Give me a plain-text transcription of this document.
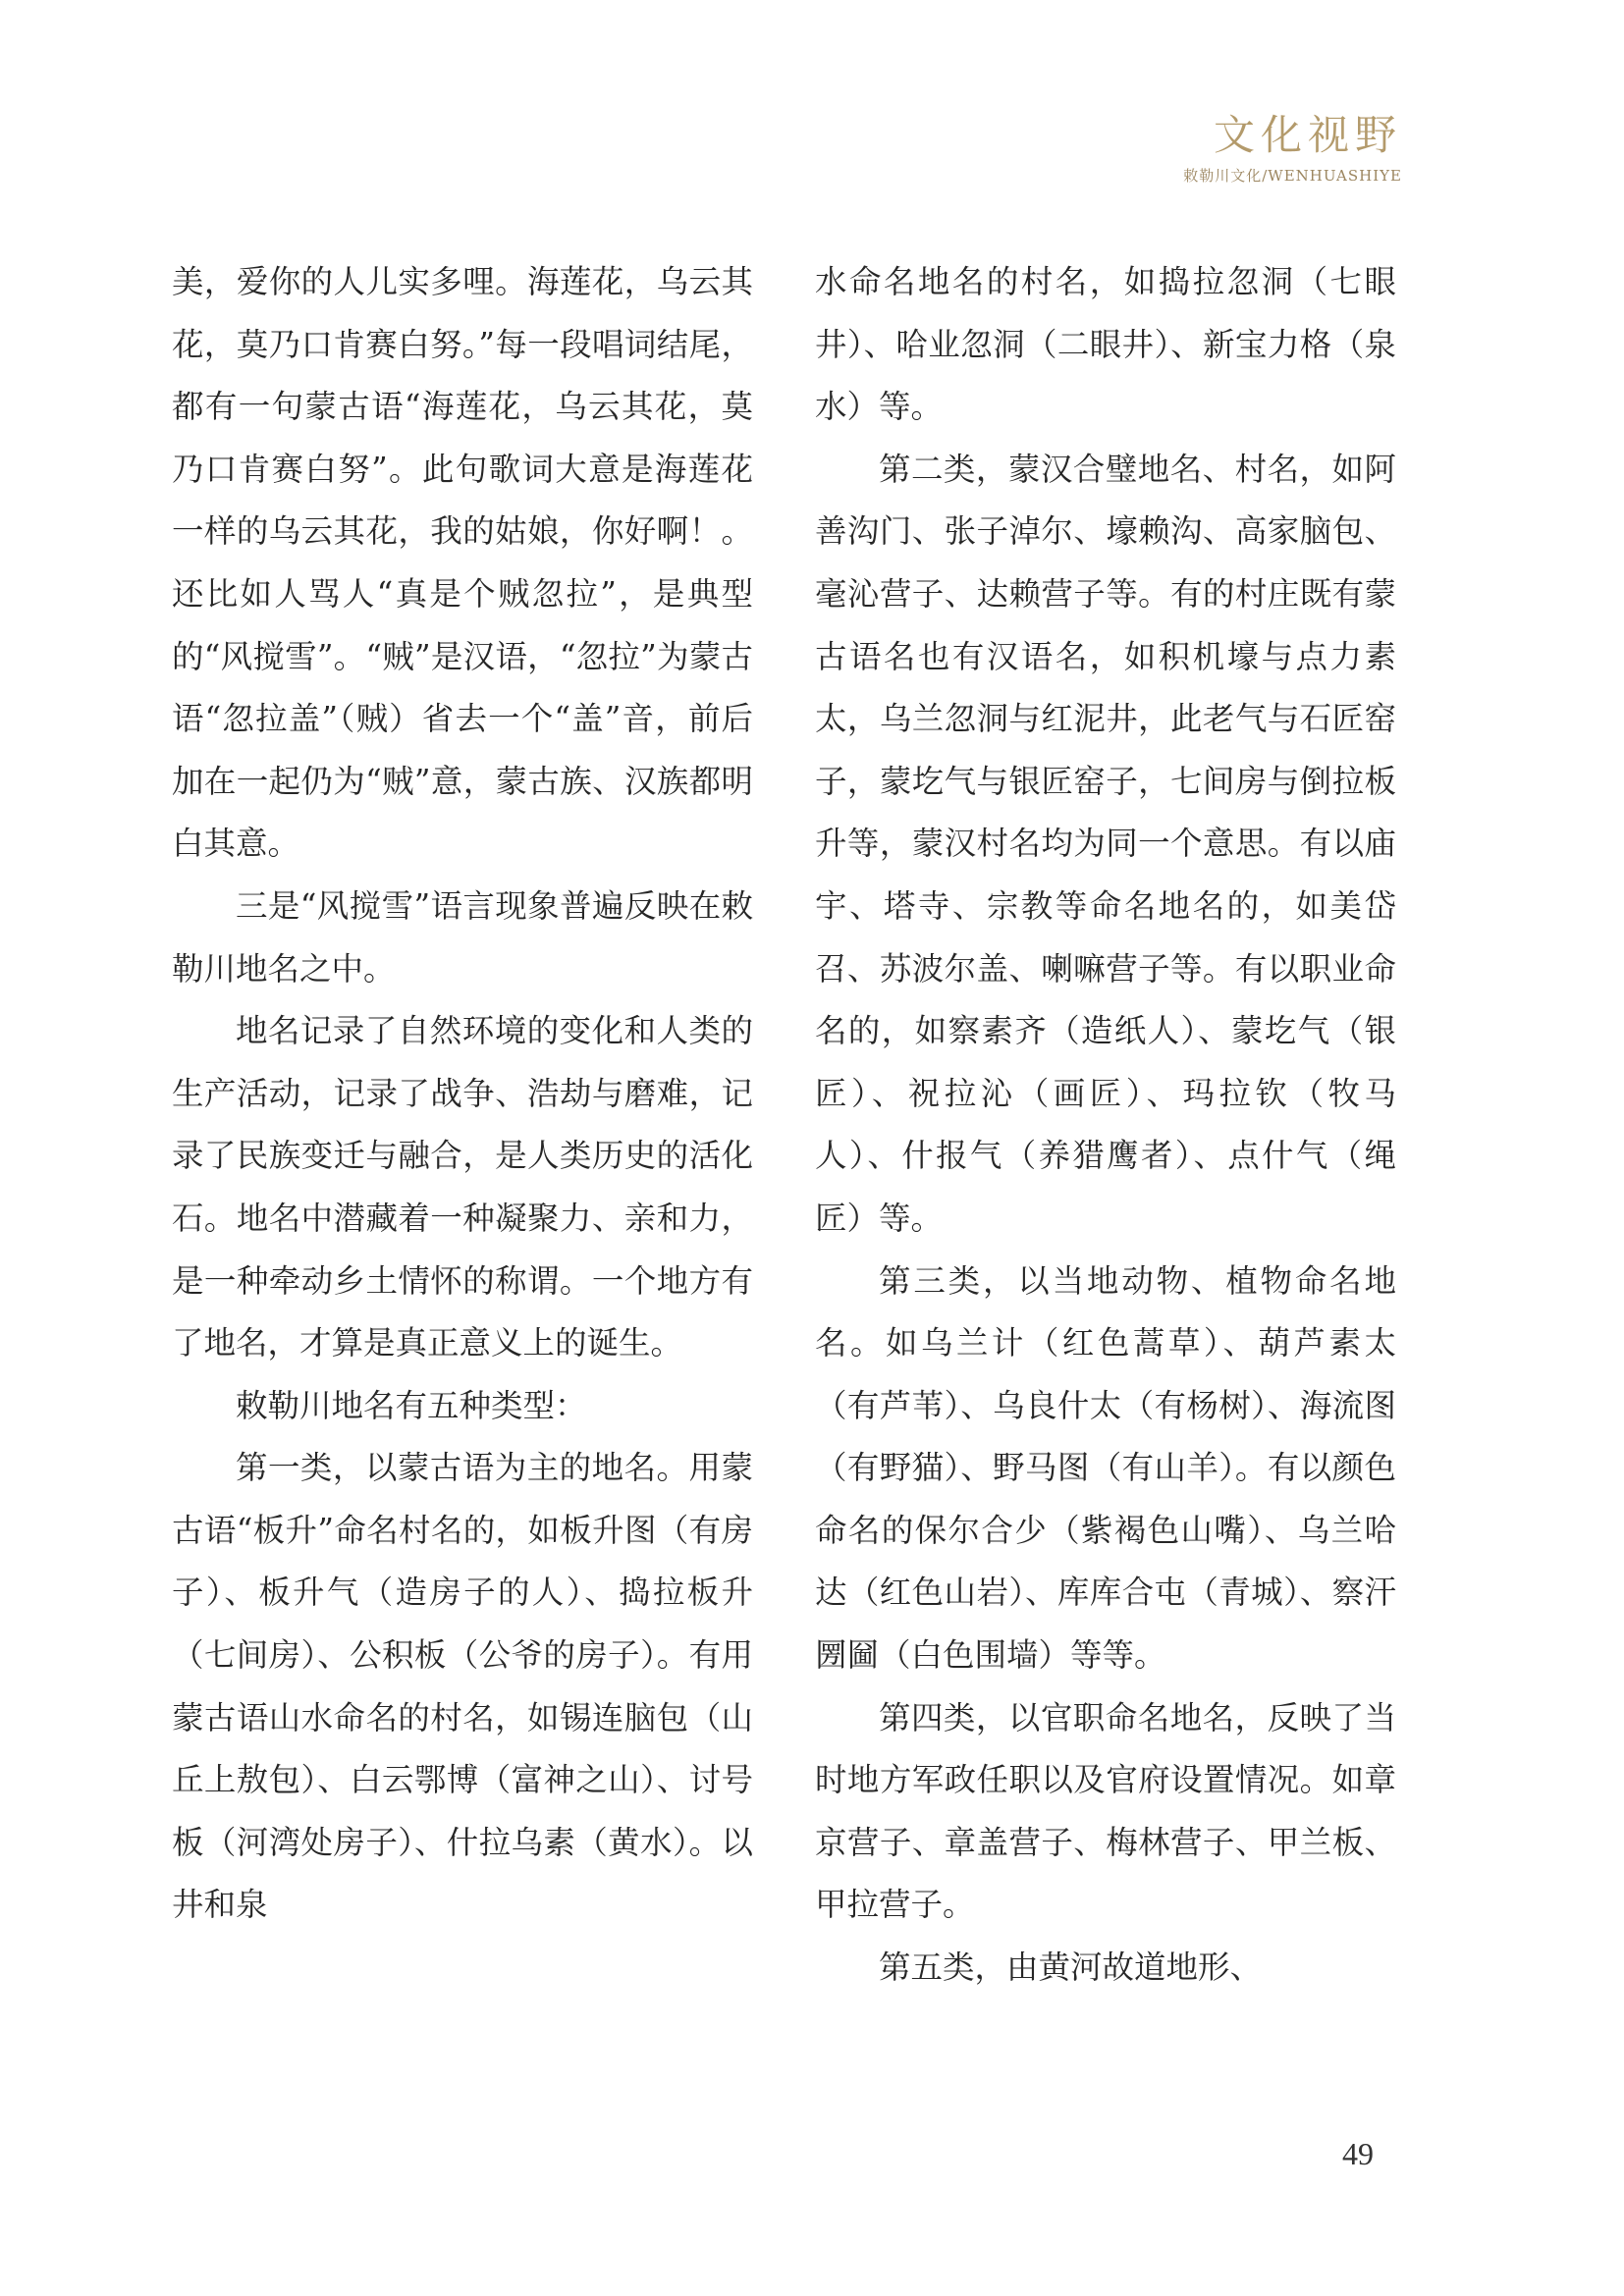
文化视野
敕勒川文化/WENHUASHIYE

美，爱你的人儿实多哩。海莲花，乌云其花，莫乃口肯赛白努。”每一段唱词结尾，都有一句蒙古语“海莲花，乌云其花，莫乃口肯赛白努”。此句歌词大意是海莲花一样的乌云其花，我的姑娘，你好啊！。还比如人骂人“真是个贼忽拉”，是典型的“风搅雪”。“贼”是汉语，“忽拉”为蒙古语“忽拉盖”（贼）省去一个“盖”音，前后加在一起仍为“贼”意，蒙古族、汉族都明白其意。

三是“风搅雪”语言现象普遍反映在敕勒川地名之中。

地名记录了自然环境的变化和人类的生产活动，记录了战争、浩劫与磨难，记录了民族变迁与融合，是人类历史的活化石。地名中潜藏着一种凝聚力、亲和力，是一种牵动乡土情怀的称谓。一个地方有了地名，才算是真正意义上的诞生。

敕勒川地名有五种类型：

第一类，以蒙古语为主的地名。用蒙古语“板升”命名村名的，如板升图（有房子）、板升气（造房子的人）、捣拉板升（七间房）、公积板（公爷的房子）。有用蒙古语山水命名的村名，如锡连脑包（山丘上敖包）、白云鄂博（富神之山）、讨号板（河湾处房子）、什拉乌素（黄水）。以井和泉

水命名地名的村名，如捣拉忽洞（七眼井）、哈业忽洞（二眼井）、新宝力格（泉水）等。

第二类，蒙汉合璧地名、村名，如阿善沟门、张子淖尔、壕赖沟、高家脑包、毫沁营子、达赖营子等。有的村庄既有蒙古语名也有汉语名，如积机壕与点力素太，乌兰忽洞与红泥井，此老气与石匠窑子，蒙圪气与银匠窑子，七间房与倒拉板升等，蒙汉村名均为同一个意思。有以庙宇、塔寺、宗教等命名地名的，如美岱召、苏波尔盖、喇嘛营子等。有以职业命名的，如察素齐（造纸人）、蒙圪气（银匠）、祝拉沁（画匠）、玛拉钦（牧马人）、什报气（养猎鹰者）、点什气（绳匠）等。

第三类，以当地动物、植物命名地名。如乌兰计（红色蒿草）、葫芦素太（有芦苇）、乌良什太（有杨树）、海流图（有野猫）、野马图（有山羊）。有以颜色命名的保尔合少（紫褐色山嘴）、乌兰哈达（红色山岩）、库库合屯（青城）、察汗圐圙（白色围墙）等等。

第四类，以官职命名地名，反映了当时地方军政任职以及官府设置情况。如章京营子、章盖营子、梅林营子、甲兰板、甲拉营子。

第五类，由黄河故道地形、

49
